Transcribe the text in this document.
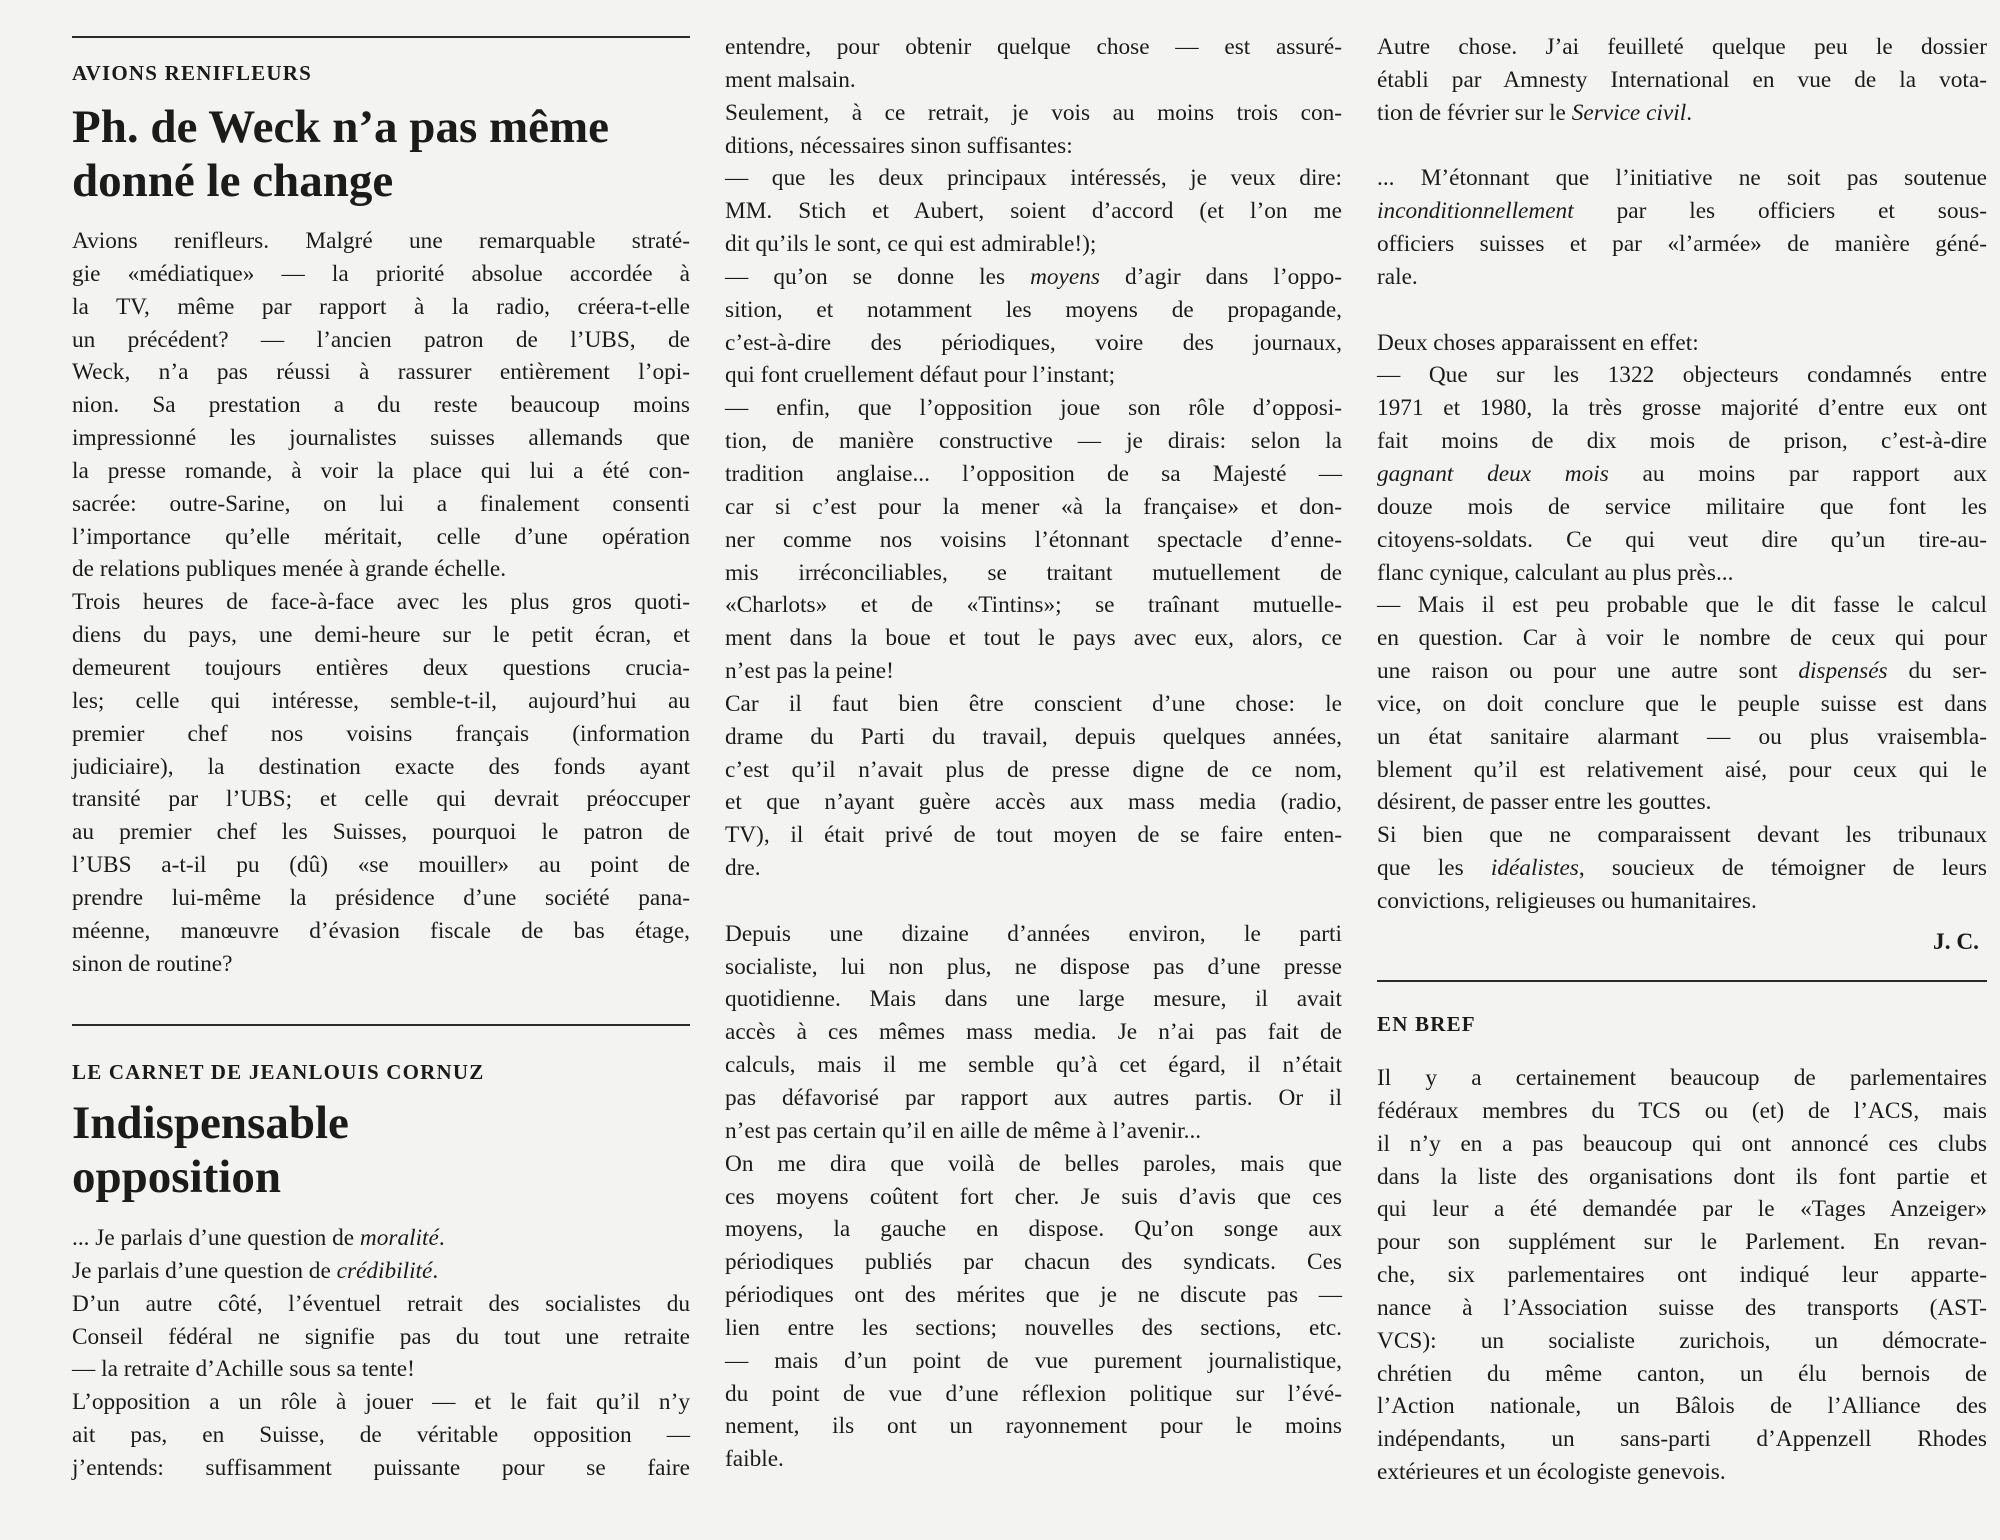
AVIONS RENIFLEURS

Ph. de Weck n’a pas même
donné le change

Avions renifleurs. Malgré une remarquable straté-
gie «médiatique» — la priorité absolue accordée à
la TV, même par rapport à la radio, créera-t-elle
un précédent? — l’ancien patron de l’UBS, de
Weck, n’a pas réussi à rassurer entièrement l’opi-
nion. Sa prestation a du reste beaucoup moins
impressionné les journalistes suisses allemands que
la presse romande, à voir la place qui lui a été con-
sacrée: outre-Sarine, on lui a finalement consenti
l’importance qu’elle méritait, celle d’une opération
de relations publiques menée à grande échelle.

Trois heures de face-à-face avec les plus gros quoti-
diens du pays, une demi-heure sur le petit écran, et
demeurent toujours entières deux questions crucia-
les; celle qui intéresse, semble-t-il, aujourd’hui au
premier chef nos voisins français (information
judiciaire), la destination exacte des fonds ayant
transité par l’UBS; et celle qui devrait préoccuper
au premier chef les Suisses, pourquoi le patron de
l’UBS a-t-il pu (dû) «se mouiller» au point de
prendre lui-même la présidence d’une société pana-
méenne, manœuvre d’évasion fiscale de bas étage,
sinon de routine?

LE CARNET DE JEANLOUIS CORNUZ

Indispensable
opposition

... Je parlais d’une question de moralité.

Je parlais d’une question de crédibilité.

D’un autre côté, l’éventuel retrait des socialistes du
Conseil fédéral ne signifie pas du tout une retraite
— la retraite d’Achille sous sa tente!

L’opposition a un rôle à jouer — et le fait qu’il n’y
ait pas, en Suisse, de véritable opposition —
j’entends: suffisamment puissante pour se faire

entendre, pour obtenir quelque chose — est assuré-
ment malsain.

Seulement, à ce retrait, je vois au moins trois con-
ditions, nécessaires sinon suffisantes:

— que les deux principaux intéressés, je veux dire:
MM. Stich et Aubert, soient d’accord (et l’on me
dit qu’ils le sont, ce qui est admirable!);

— qu’on se donne les moyens d’agir dans l’oppo-
sition, et notamment les moyens de propagande,
c’est-à-dire des périodiques, voire des journaux,
qui font cruellement défaut pour l’instant;

— enfin, que l’opposition joue son rôle d’opposi-
tion, de manière constructive — je dirais: selon la
tradition anglaise... l’opposition de sa Majesté —
car si c’est pour la mener «à la française» et don-
ner comme nos voisins l’étonnant spectacle d’enne-
mis irréconciliables, se traitant mutuellement de
«Charlots» et de «Tintins»; se traînant mutuelle-
ment dans la boue et tout le pays avec eux, alors, ce
n’est pas la peine!

Car il faut bien être conscient d’une chose: le
drame du Parti du travail, depuis quelques années,
c’est qu’il n’avait plus de presse digne de ce nom,
et que n’ayant guère accès aux mass media (radio,
TV), il était privé de tout moyen de se faire enten-
dre.

Depuis une dizaine d’années environ, le parti
socialiste, lui non plus, ne dispose pas d’une presse
quotidienne. Mais dans une large mesure, il avait
accès à ces mêmes mass media. Je n’ai pas fait de
calculs, mais il me semble qu’à cet égard, il n’était
pas défavorisé par rapport aux autres partis. Or il
n’est pas certain qu’il en aille de même à l’avenir...

On me dira que voilà de belles paroles, mais que
ces moyens coûtent fort cher. Je suis d’avis que ces
moyens, la gauche en dispose. Qu’on songe aux
périodiques publiés par chacun des syndicats. Ces
périodiques ont des mérites que je ne discute pas —
lien entre les sections; nouvelles des sections, etc.
— mais d’un point de vue purement journalistique,
du point de vue d’une réflexion politique sur l’évé-
nement, ils ont un rayonnement pour le moins
faible.

Autre chose. J’ai feuilleté quelque peu le dossier
établi par Amnesty International en vue de la vota-
tion de février sur le Service civil.

... M’étonnant que l’initiative ne soit pas soutenue
inconditionnellement par les officiers et sous-
officiers suisses et par «l’armée» de manière géné-
rale.

Deux choses apparaissent en effet:

— Que sur les 1322 objecteurs condamnés entre
1971 et 1980, la très grosse majorité d’entre eux ont
fait moins de dix mois de prison, c’est-à-dire
gagnant deux mois au moins par rapport aux
douze mois de service militaire que font les
citoyens-soldats. Ce qui veut dire qu’un tire-au-
flanc cynique, calculant au plus près...

— Mais il est peu probable que le dit fasse le calcul
en question. Car à voir le nombre de ceux qui pour
une raison ou pour une autre sont dispensés du ser-
vice, on doit conclure que le peuple suisse est dans
un état sanitaire alarmant — ou plus vraisembla-
blement qu’il est relativement aisé, pour ceux qui le
désirent, de passer entre les gouttes.

Si bien que ne comparaissent devant les tribunaux
que les idéalistes, soucieux de témoigner de leurs
convictions, religieuses ou humanitaires.

J. C.

EN BREF

Il y a certainement beaucoup de parlementaires
fédéraux membres du TCS ou (et) de l’ACS, mais
il n’y en a pas beaucoup qui ont annoncé ces clubs
dans la liste des organisations dont ils font partie et
qui leur a été demandée par le «Tages Anzeiger»
pour son supplément sur le Parlement. En revan-
che, six parlementaires ont indiqué leur apparte-
nance à l’Association suisse des transports (AST-
VCS): un socialiste zurichois, un démocrate-
chrétien du même canton, un élu bernois de
l’Action nationale, un Bâlois de l’Alliance des
indépendants, un sans-parti d’Appenzell Rhodes
extérieures et un écologiste genevois.
